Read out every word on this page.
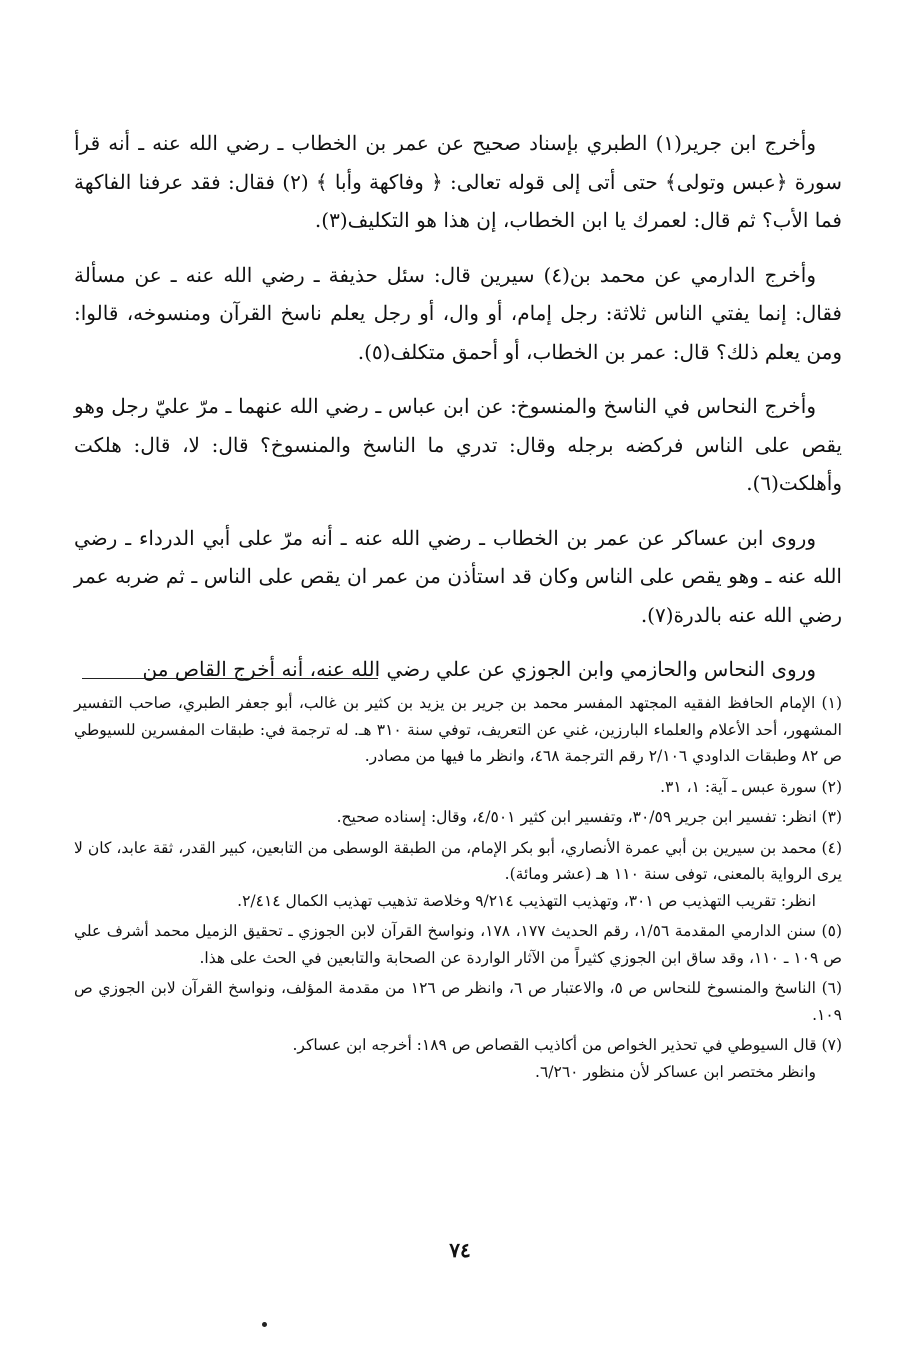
وأخرج ابن جرير(١) الطبري بإسناد صحيح عن عمر بن الخطاب ـ رضي الله عنه ـ أنه قرأ سورة ﴿عبس وتولى﴾ حتى أتى إلى قوله تعالى: ﴿ وفاكهة وأبا ﴾ (٢) فقال: فقد عرفنا الفاكهة فما الأب؟ ثم قال: لعمرك يا ابن الخطاب، إن هذا هو التكليف(٣).

وأخرج الدارمي عن محمد بن(٤) سيرين قال: سئل حذيفة ـ رضي الله عنه ـ عن مسألة فقال: إنما يفتي الناس ثلاثة: رجل إمام، أو وال، أو رجل يعلم ناسخ القرآن ومنسوخه، قالوا: ومن يعلم ذلك؟ قال: عمر بن الخطاب، أو أحمق متكلف(٥).

وأخرج النحاس في الناسخ والمنسوخ: عن ابن عباس ـ رضي الله عنهما ـ مرّ عليّ رجل وهو يقص على الناس فركضه برجله وقال: تدري ما الناسخ والمنسوخ؟ قال: لا، قال: هلكت وأهلكت(٦).

وروى ابن عساكر عن عمر بن الخطاب ـ رضي الله عنه ـ أنه مرّ على أبي الدرداء ـ رضي الله عنه ـ وهو يقص على الناس وكان قد استأذن من عمر ان يقص على الناس ـ ثم ضربه عمر رضي الله عنه بالدرة(٧).

وروى النحاس والحازمي وابن الجوزي عن علي رضي الله عنه، أنه أخرج القاص من

(١) الإمام الحافظ الفقيه المجتهد المفسر محمد بن جرير بن يزيد بن كثير بن غالب، أبو جعفر الطبري، صاحب التفسير المشهور، أحد الأعلام والعلماء البارزين، غني عن التعريف، توفي سنة ٣١٠ هـ. له ترجمة في: طبقات المفسرين للسيوطي ص ٨٢ وطبقات الداودي ٢/١٠٦ رقم الترجمة ٤٦٨، وانظر ما فيها من مصادر.

(٢) سورة عبس ـ آية: ١، ٣١.

(٣) انظر: تفسير ابن جرير ٣٠/٥٩، وتفسير ابن كثير ٤/٥٠١، وقال: إسناده صحيح.

(٤) محمد بن سيرين بن أبي عمرة الأنصاري، أبو بكر الإمام، من الطبقة الوسطى من التابعين، كبير القدر، ثقة عابد، كان لا يرى الرواية بالمعنى، توفى سنة ١١٠ هـ (عشر ومائة).

انظر: تقريب التهذيب ص ٣٠١، وتهذيب التهذيب ٩/٢١٤ وخلاصة تذهيب تهذيب الكمال ٢/٤١٤.

(٥) سنن الدارمي المقدمة ١/٥٦، رقم الحديث ١٧٧، ١٧٨، ونواسخ القرآن لابن الجوزي ـ تحقيق الزميل محمد أشرف علي ص ١٠٩ ـ ١١٠، وقد ساق ابن الجوزي كثيراً من الآثار الواردة عن الصحابة والتابعين في الحث على هذا.

(٦) الناسخ والمنسوخ للنحاس ص ٥، والاعتبار ص ٦، وانظر ص ١٢٦ من مقدمة المؤلف، ونواسخ القرآن لابن الجوزي ص ١٠٩.

(٧) قال السيوطي في تحذير الخواص من أكاذيب القصاص ص ١٨٩: أخرجه ابن عساكر.

وانظر مختصر ابن عساكر لأن منظور ٦/٢٦٠.

٧٤
